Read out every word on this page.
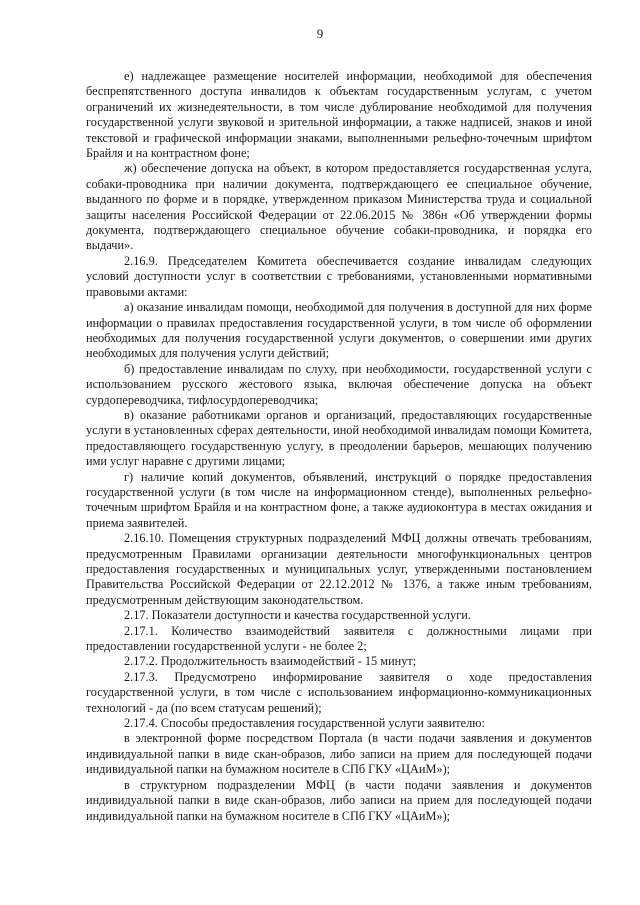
9

е) надлежащее размещение носителей информации, необходимой для обеспечения беспрепятственного доступа инвалидов к объектам государственным услугам, с учетом ограничений их жизнедеятельности, в том числе дублирование необходимой для получения государственной услуги звуковой и зрительной информации, а также надписей, знаков и иной текстовой и графической информации знаками, выполненными рельефно-точечным шрифтом Брайля и на контрастном фоне;

ж) обеспечение допуска на объект, в котором предоставляется государственная услуга, собаки-проводника при наличии документа, подтверждающего ее специальное обучение, выданного по форме и в порядке, утвержденном приказом Министерства труда и социальной защиты населения Российской Федерации от 22.06.2015 № 386н «Об утверждении формы документа, подтверждающего специальное обучение собаки-проводника, и порядка его выдачи».

2.16.9. Председателем Комитета обеспечивается создание инвалидам следующих условий доступности услуг в соответствии с требованиями, установленными нормативными правовыми актами:

а) оказание инвалидам помощи, необходимой для получения в доступной для них форме информации о правилах предоставления государственной услуги, в том числе об оформлении необходимых для получения государственной услуги документов, о совершении ими других необходимых для получения услуги действий;

б) предоставление инвалидам по слуху, при необходимости, государственной услуги с использованием русского жестового языка, включая обеспечение допуска на объект сурдопереводчика, тифлосурдопереводчика;

в) оказание работниками органов и организаций, предоставляющих государственные услуги в установленных сферах деятельности, иной необходимой инвалидам помощи Комитета, предоставляющего государственную услугу, в преодолении барьеров, мешающих получению ими услуг наравне с другими лицами;

г) наличие копий документов, объявлений, инструкций о порядке предоставления государственной услуги (в том числе на информационном стенде), выполненных рельефно-точечным шрифтом Брайля и на контрастном фоне, а также аудиоконтура в местах ожидания и приема заявителей.

2.16.10. Помещения структурных подразделений МФЦ должны отвечать требованиям, предусмотренным Правилами организации деятельности многофункциональных центров предоставления государственных и муниципальных услуг, утвержденными постановлением Правительства Российской Федерации от 22.12.2012 № 1376, а также иным требованиям, предусмотренным действующим законодательством.

2.17. Показатели доступности и качества государственной услуги.

2.17.1. Количество взаимодействий заявителя с должностными лицами при предоставлении государственной услуги - не более 2;

2.17.2. Продолжительность взаимодействий - 15 минут;

2.17.3. Предусмотрено информирование заявителя о ходе предоставления государственной услуги, в том числе с использованием информационно-коммуникационных технологий - да (по всем статусам решений);

2.17.4. Способы предоставления государственной услуги заявителю:

в электронной форме посредством Портала (в части подачи заявления и документов индивидуальной папки в виде скан-образов, либо записи на прием для последующей подачи индивидуальной папки на бумажном носителе в СПб ГКУ «ЦАиМ»);

в структурном подразделении МФЦ (в части подачи заявления и документов индивидуальной папки в виде скан-образов, либо записи на прием для последующей подачи индивидуальной папки на бумажном носителе в СПб ГКУ «ЦАиМ»);
